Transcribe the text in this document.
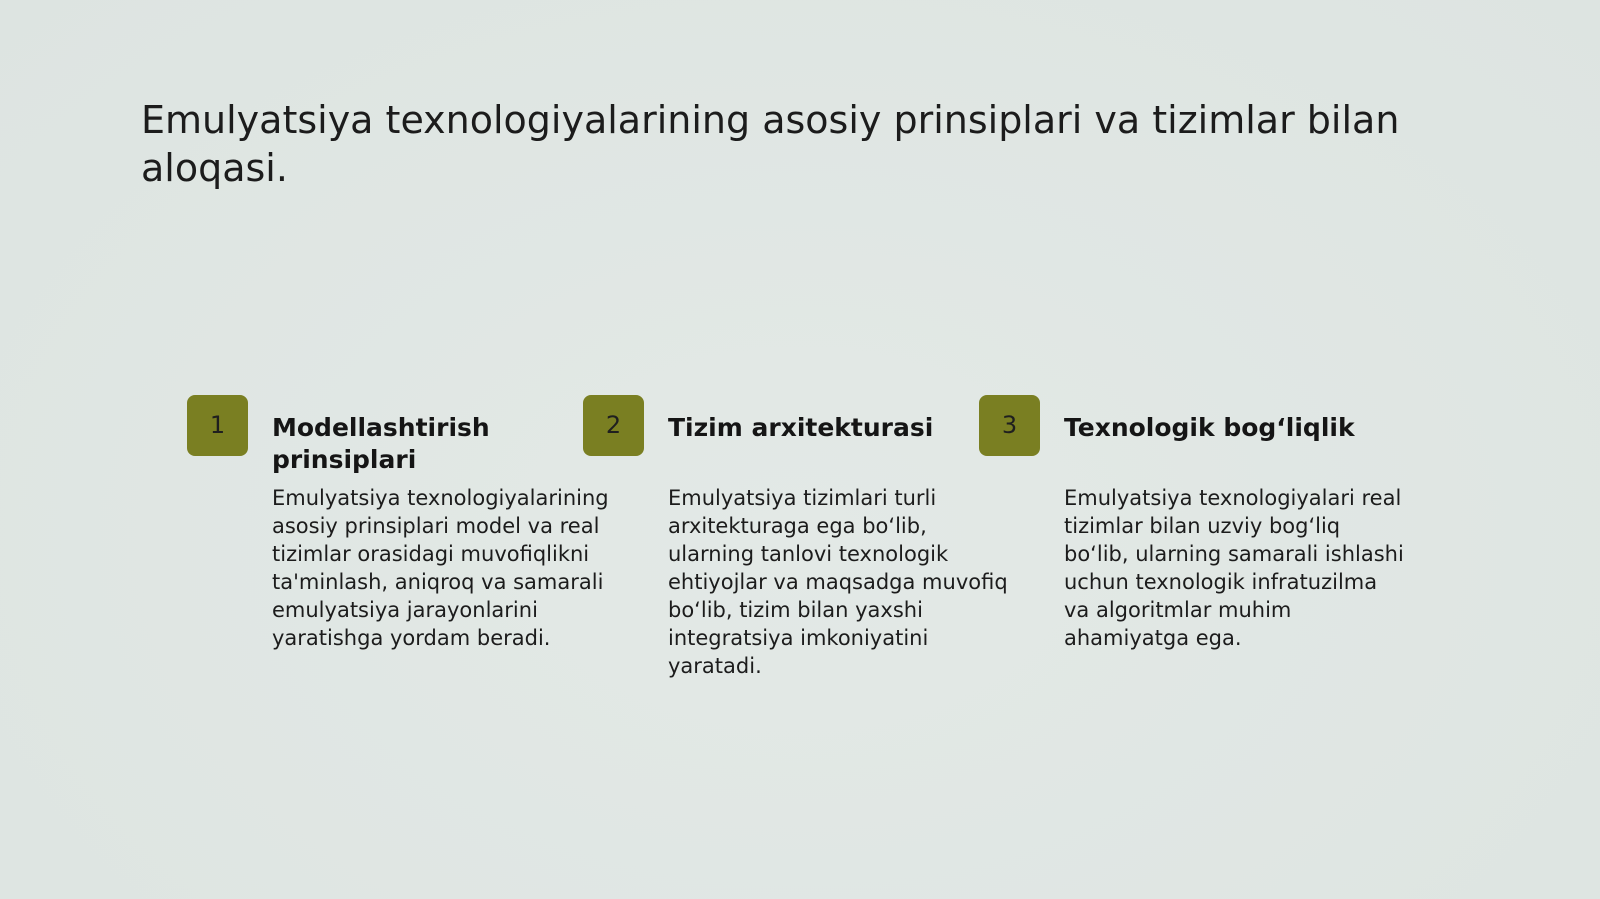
Emulyatsiya texnologiyalarining asosiy prinsiplari va tizimlar bilan aloqasi.
1	Modellashtirish prinsiplari

Emulyatsiya texnologiyalarining asosiy prinsiplari model va real tizimlar orasidagi muvofiqlikni ta'minlash, aniqroq va samarali emulyatsiya jarayonlarini yaratishga yordam beradi.

2	Tizim arxitekturasi

Emulyatsiya tizimlari turli arxitekturaga ega bo‘lib, ularning tanlovi texnologik ehtiyojlar va maqsadga muvofiq bo‘lib, tizim bilan yaxshi integratsiya imkoniyatini yaratadi.

3	Texnologik bog‘liqlik

Emulyatsiya texnologiyalari real tizimlar bilan uzviy bog‘liq bo‘lib, ularning samarali ishlashi uchun texnologik infratuzilma va algoritmlar muhim ahamiyatga ega.
